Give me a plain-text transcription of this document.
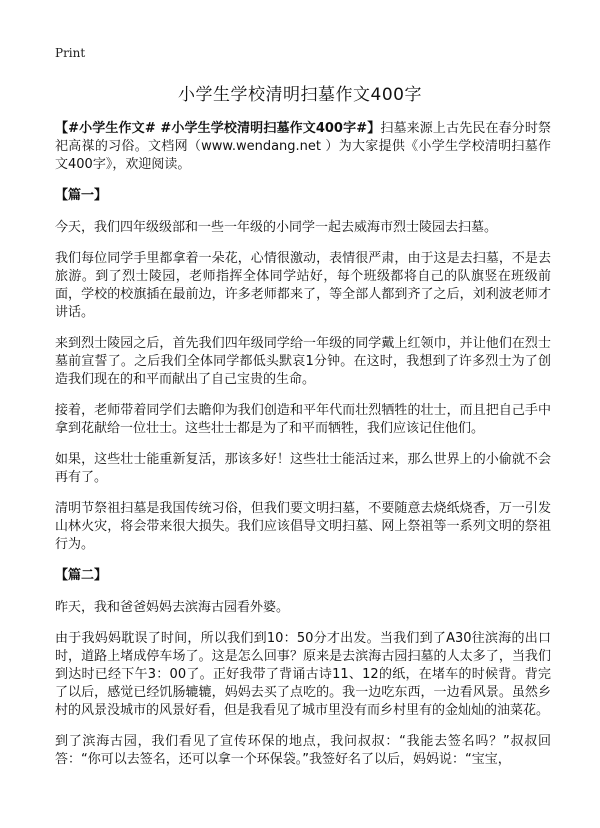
Print
小学生学校清明扫墓作文400字

【#小学生作文# #小学生学校清明扫墓作文400字#】扫墓来源上古先民在春分时祭祀高禖的习俗。文档网（www.wendang.net ）为大家提供《小学生学校清明扫墓作文400字》，欢迎阅读。

【篇一】

今天，我们四年级级部和一些一年级的小同学一起去威海市烈士陵园去扫墓。

我们每位同学手里都拿着一朵花，心情很激动，表情很严肃，由于这是去扫墓，不是去旅游。到了烈士陵园，老师指挥全体同学站好，每个班级都将自己的队旗竖在班级前面，学校的校旗插在最前边，许多老师都来了，等全部人都到齐了之后，刘利波老师才讲话。

来到烈士陵园之后，首先我们四年级同学给一年级的同学戴上红领巾，并让他们在烈士墓前宣誓了。之后我们全体同学都低头默哀1分钟。在这时，我想到了许多烈士为了创造我们现在的和平而献出了自己宝贵的生命。

接着，老师带着同学们去瞻仰为我们创造和平年代而壮烈牺牲的壮士，而且把自己手中拿到花献给一位壮士。这些壮士都是为了和平而牺牲，我们应该记住他们。

如果，这些壮士能重新复活，那该多好！这些壮士能活过来，那么世界上的小偷就不会再有了。

清明节祭祖扫墓是我国传统习俗，但我们要文明扫墓，不要随意去烧纸烧香，万一引发山林火灾，将会带来很大损失。我们应该倡导文明扫墓、网上祭祖等一系列文明的祭祖行为。

【篇二】

昨天，我和爸爸妈妈去滨海古园看外婆。

由于我妈妈耽误了时间，所以我们到10：50分才出发。当我们到了A30往滨海的出口时，道路上堵成停车场了。这是怎么回事？原来是去滨海古园扫墓的人太多了，当我们到达时已经下午3：00了。正好我带了背诵古诗11、12的纸，在堵车的时候背。背完了以后，感觉已经饥肠辘辘，妈妈去买了点吃的。我一边吃东西，一边看风景。虽然乡村的风景没城市的风景好看，但是我看见了城市里没有而乡村里有的金灿灿的油菜花。

到了滨海古园，我们看见了宣传环保的地点，我问叔叔：“我能去签名吗？”叔叔回答：“你可以去签名，还可以拿一个环保袋。”我签好名了以后，妈妈说：“宝宝，
